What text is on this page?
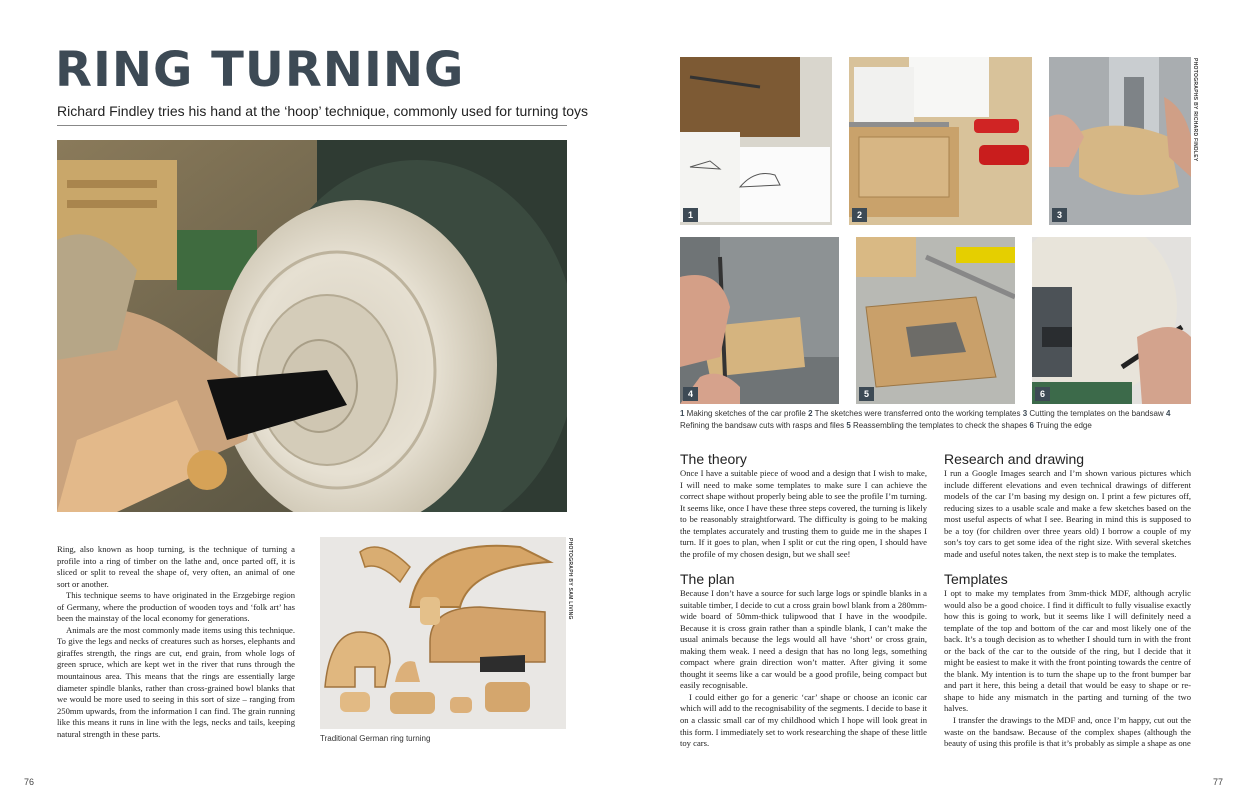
RING TURNING
Richard Findley tries his hand at the ‘hoop’ technique, commonly used for turning toys

Ring, also known as hoop turning, is the technique of turning a profile into a ring of timber on the lathe and, once parted off, it is sliced or split to reveal the shape of, very often, an animal of one sort or another.

This technique seems to have originated in the Erzgebirge region of Germany, where the production of wooden toys and ‘folk art’ has been the mainstay of the local economy for generations.

Animals are the most commonly made items using this technique. To give the legs and necks of creatures such as horses, elephants and giraffes strength, the rings are cut, end grain, from whole logs of green spruce, which are kept wet in the river that runs through the mountainous area. This means that the rings are essentially large diameter spindle blanks, rather than cross-grained bowl blanks that we would be more used to seeing in this sort of size – ranging from 250mm upwards, from the information I can find. The grain running like this means it runs in line with the legs, necks and tails, keeping natural strength in these parts.	Traditional German ring turning
PHOTOGRAPH BY SAM LIVING
1	2	3
PHOTOGRAPHS BY RICHARD FINDLEY
4	5	6
1 Making sketches of the car profile 2 The sketches were transferred onto the working templates 3 Cutting the templates on the bandsaw 4 Refining the bandsaw cuts with rasps and files 5 Reassembling the templates to check the shapes 6 Truing the edge
The theory

Once I have a suitable piece of wood and a design that I wish to make, I will need to make some templates to make sure I can achieve the correct shape without properly being able to see the profile I’m turning. It seems like, once I have these three steps covered, the turning is likely to be reasonably straightforward. The difficulty is going to be making the templates accurately and trusting them to guide me in the shapes I turn. If it goes to plan, when I split or cut the ring open, I should have the profile of my chosen design, but we shall see!

The plan

Because I don’t have a source for such large logs or spindle blanks in a suitable timber, I decide to cut a cross grain bowl blank from a 280mm-wide board of 50mm-thick tulipwood that I have in the woodpile. Because it is cross grain rather than a spindle blank, I can’t make the usual animals because the legs would all have ‘short’ or cross grain, making them weak. I need a design that has no long legs, something compact where grain direction won’t matter. After giving it some thought it seems like a car would be a good profile, being compact but easily recognisable.

I could either go for a generic ‘car’ shape or choose an iconic car which will add to the recognisability of the segments. I decide to base it on a classic small car of my childhood which I hope will look great in this form. I immediately set to work researching the shape of these little toy cars.

Research and drawing

I run a Google Images search and I’m shown various pictures which include different elevations and even technical drawings of different models of the car I’m basing my design on. I print a few pictures off, reducing sizes to a usable scale and make a few sketches based on the most useful aspects of what I see. Bearing in mind this is supposed to be a toy (for children over three years old) I borrow a couple of my son’s toy cars to get some idea of the right size. With several sketches made and useful notes taken, the next step is to make the templates.

Templates

I opt to make my templates from 3mm-thick MDF, although acrylic would also be a good choice. I find it difficult to fully visualise exactly how this is going to work, but it seems like I will definitely need a template of the top and bottom of the car and most likely one of the back. It’s a tough decision as to whether I should turn in with the front or the back of the car to the outside of the ring, but I decide that it might be easiest to make it with the front pointing towards the centre of the blank. My intention is to turn the shape up to the front bumper bar and part it here, this being a detail that would be easy to shape or re-shape to hide any mismatch in the parting and turning of the two halves.

I transfer the drawings to the MDF and, once I’m happy, cut out the waste on the bandsaw. Because of the complex shapes (although the beauty of using this profile is that it’s probably as simple a shape as one

76	77
